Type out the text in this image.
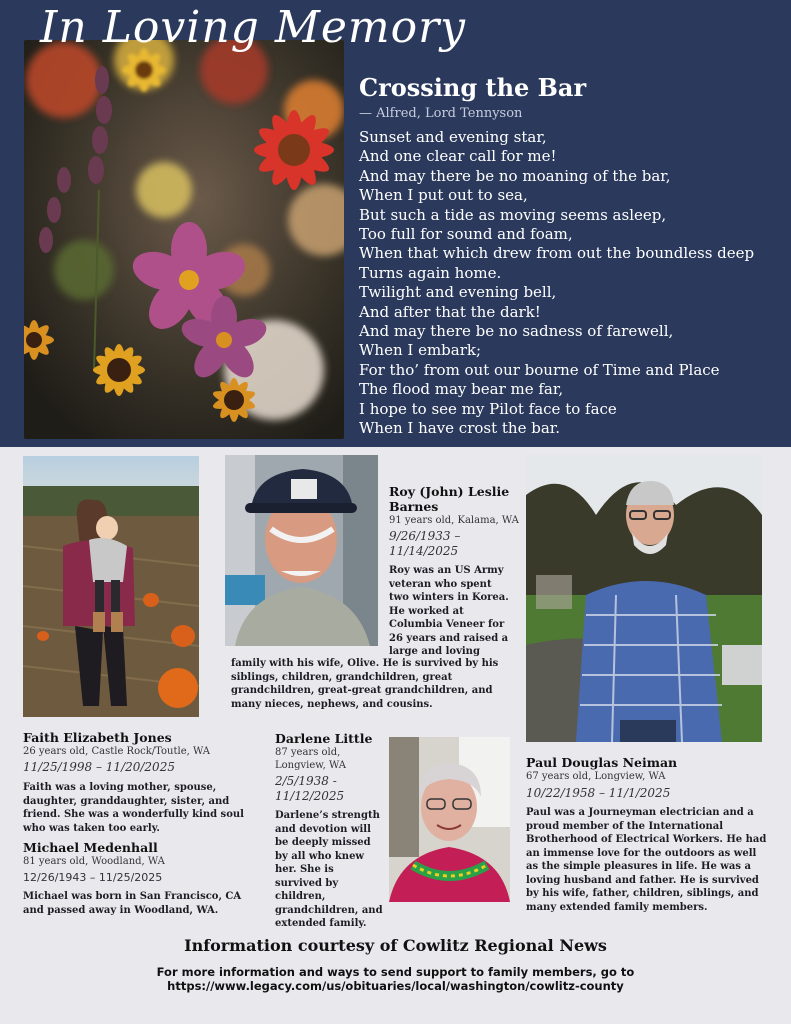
In Loving Memory
Crossing the Bar
— Alfred, Lord Tennyson
Sunset and evening star,
And one clear call for me!
And may there be no moaning of the bar,
When I put out to sea,
But such a tide as moving seems asleep,
Too full for sound and foam,
When that which drew from out the boundless deep
Turns again home.
Twilight and evening bell,
And after that the dark!
And may there be no sadness of farewell,
When I embark;
For tho’ from out our bourne of Time and Place
The flood may bear me far,
I hope to see my Pilot face to face
When I have crost the bar.
Roy (John) Leslie Barnes
91 years old, Kalama, WA
9/26/1933 – 11/14/2025
Roy was an US Army veteran who spent two winters in Korea. He worked at Columbia Veneer for 26 years and raised a large and loving
family with his wife, Olive. He is survived by his siblings, children, grandchildren, great grandchildren, great-great grandchildren, and many nieces, nephews, and cousins.
Faith Elizabeth Jones
26 years old, Castle Rock/Toutle, WA
11/25/1998 – 11/20/2025
Faith was a loving mother, spouse, daughter, granddaughter, sister, and friend. She was a wonderfully kind soul who was taken too early.
Michael Medenhall
81 years old, Woodland, WA
12/26/1943 – 11/25/2025
Michael was born in San Francisco, CA and passed away in Woodland, WA.
Darlene Little
87 years old, Longview, WA
2/5/1938 - 11/12/2025
Darlene’s strength and devotion will be deeply missed by all who knew her. She is survived by children, grandchildren, and extended family.
Paul Douglas Neiman
67 years old, Longview, WA
10/22/1958 – 11/1/2025
Paul was a Journeyman electrician and a proud member of the International Brotherhood of Electrical Workers. He had an immense love for the outdoors as well as the simple pleasures in life. He was a loving husband and father. He is survived by his wife, father, children, siblings, and many extended family members.
Information courtesy of Cowlitz Regional News
For more information and ways to send support to family members, go to
https://www.legacy.com/us/obituaries/local/washington/cowlitz-county
